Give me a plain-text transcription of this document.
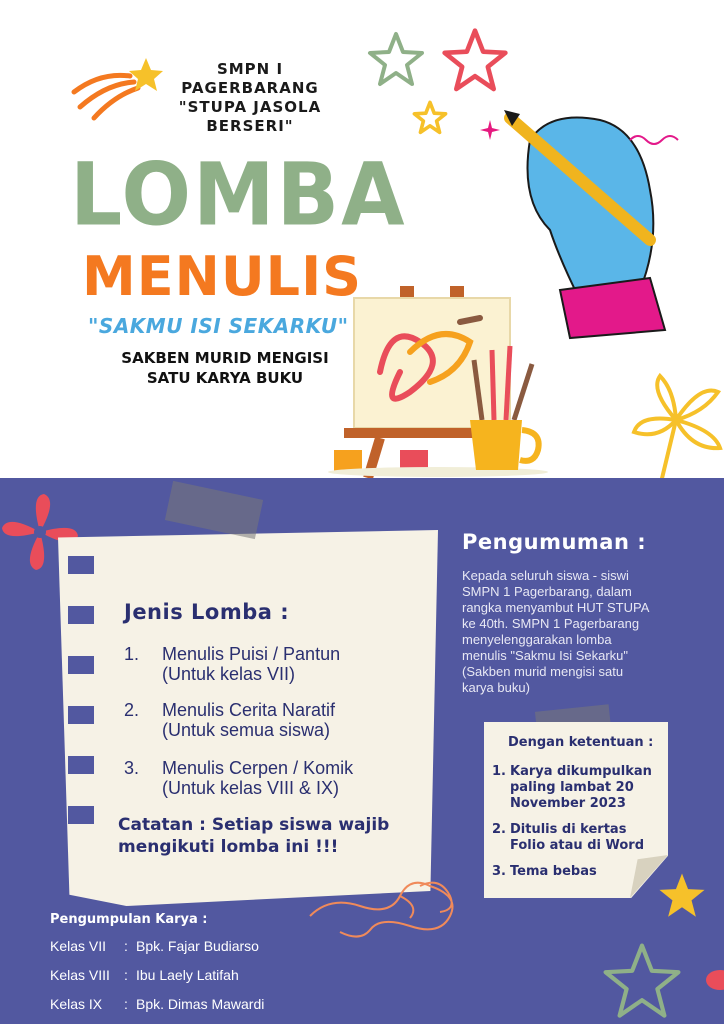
SMPN I
PAGERBARANG
"STUPA JASOLA
BERSERI"
LOMBA
MENULIS
"SAKMU ISI SEKARKU"
SAKBEN MURID MENGISI
SATU KARYA BUKU
Jenis Lomba :
1.	Menulis Puisi / Pantun
(Untuk kelas VII)
2.	Menulis Cerita Naratif
(Untuk semua siswa)
3.	Menulis Cerpen / Komik
(Untuk kelas VIII & IX)
Catatan : Setiap siswa wajib
mengikuti lomba ini !!!
Pengumuman :
Kepada seluruh siswa - siswi
SMPN 1 Pagerbarang, dalam
rangka menyambut HUT STUPA
ke 40th. SMPN 1 Pagerbarang
menyelenggarakan lomba
menulis "Sakmu Isi Sekarku"
(Sakben murid mengisi satu
karya buku)
Dengan ketentuan :
1. Karya dikumpulkan
paling lambat 20
November 2023
2. Ditulis di kertas
Folio atau di Word
3. Tema bebas
Pengumpulan Karya :
Kelas VII : Bpk. Fajar Budiarso
Kelas VIII : Ibu Laely Latifah
Kelas IX : Bpk. Dimas Mawardi
